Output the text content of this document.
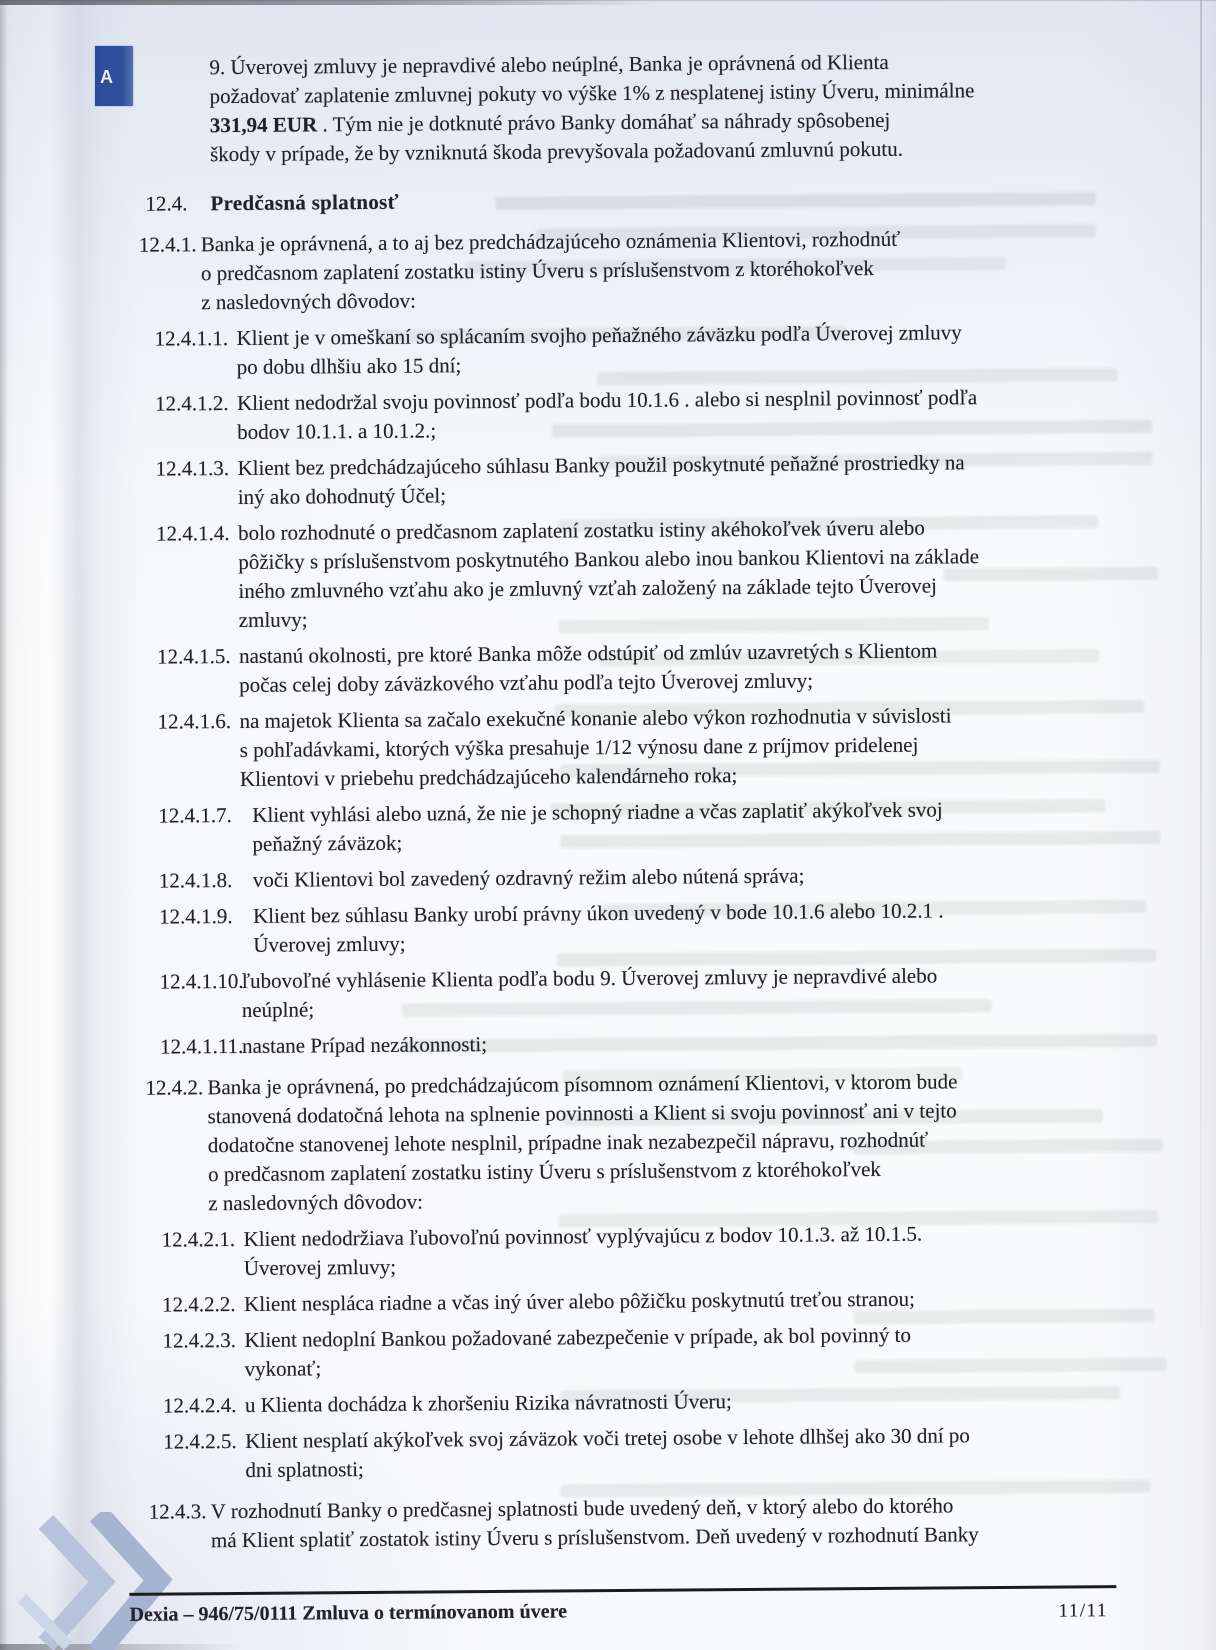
A	9. Úverovej zmluvy je nepravdivé alebo neúplné, Banka je oprávnená od Klienta
požadovať zaplatenie zmluvnej pokuty vo výške 1% z nesplatenej istiny Úveru, minimálne
331,94 EUR . Tým nie je dotknuté právo Banky domáhať sa náhrady spôsobenej
škody v prípade, že by vzniknutá škoda prevyšovala požadovanú zmluvnú pokutu.
12.4. Predčasná splatnosť
12.4.1. Banka je oprávnená, a to aj bez predchádzajúceho oznámenia Klientovi, rozhodnúť
o predčasnom zaplatení zostatku istiny Úveru s príslušenstvom z ktoréhokoľvek
z nasledovných dôvodov:
12.4.1.1. Klient je v omeškaní so splácaním svojho peňažného záväzku podľa Úverovej zmluvy
po dobu dlhšiu ako 15 dní;
12.4.1.2. Klient nedodržal svoju povinnosť podľa bodu 10.1.6 . alebo si nesplnil povinnosť podľa
bodov 10.1.1. a 10.1.2.;
12.4.1.3. Klient bez predchádzajúceho súhlasu Banky použil poskytnuté peňažné prostriedky na
iný ako dohodnutý Účel;
12.4.1.4. bolo rozhodnuté o predčasnom zaplatení zostatku istiny akéhokoľvek úveru alebo
pôžičky s príslušenstvom poskytnutého Bankou alebo inou bankou Klientovi na základe
iného zmluvného vzťahu ako je zmluvný vzťah založený na základe tejto Úverovej
zmluvy;
12.4.1.5. nastanú okolnosti, pre ktoré Banka môže odstúpiť od zmlúv uzavretých s Klientom
počas celej doby záväzkového vzťahu podľa tejto Úverovej zmluvy;
12.4.1.6. na majetok Klienta sa začalo exekučné konanie alebo výkon rozhodnutia v súvislosti
s pohľadávkami, ktorých výška presahuje 1/12 výnosu dane z príjmov pridelenej
Klientovi v priebehu predchádzajúceho kalendárneho roka;
12.4.1.7. Klient vyhlási alebo uzná, že nie je schopný riadne a včas zaplatiť akýkoľvek svoj
peňažný záväzok;
12.4.1.8. voči Klientovi bol zavedený ozdravný režim alebo nútená správa;
12.4.1.9. Klient bez súhlasu Banky urobí právny úkon uvedený v bode 10.1.6 alebo 10.2.1 .
Úverovej zmluvy;
12.4.1.10.
ľubovoľné vyhlásenie Klienta podľa bodu 9. Úverovej zmluvy je nepravdivé alebo
neúplné;
12.4.1.11.
nastane Prípad nezákonnosti;
12.4.2. Banka je oprávnená, po predchádzajúcom písomnom oznámení Klientovi, v ktorom bude
stanovená dodatočná lehota na splnenie povinnosti a Klient si svoju povinnosť ani v tejto
dodatočne stanovenej lehote nesplnil, prípadne inak nezabezpečil nápravu, rozhodnúť
o predčasnom zaplatení zostatku istiny Úveru s príslušenstvom z ktoréhokoľvek
z nasledovných dôvodov:
12.4.2.1. Klient nedodržiava ľubovoľnú povinnosť vyplývajúcu z bodov 10.1.3. až 10.1.5.
Úverovej zmluvy;
12.4.2.2. Klient nespláca riadne a včas iný úver alebo pôžičku poskytnutú treťou stranou;
12.4.2.3. Klient nedoplní Bankou požadované zabezpečenie v prípade, ak bol povinný to
vykonať;
12.4.2.4. u Klienta dochádza k zhoršeniu Rizika návratnosti Úveru;
12.4.2.5. Klient nesplatí akýkoľvek svoj záväzok voči tretej osobe v lehote dlhšej ako 30 dní po
dni splatnosti;
12.4.3. V rozhodnutí Banky o predčasnej splatnosti bude uvedený deň, v ktorý alebo do ktorého
má Klient splatiť zostatok istiny Úveru s príslušenstvom. Deň uvedený v rozhodnutí Banky
Dexia – 946/75/0111 Zmluva o termínovanom úvere	11/11
